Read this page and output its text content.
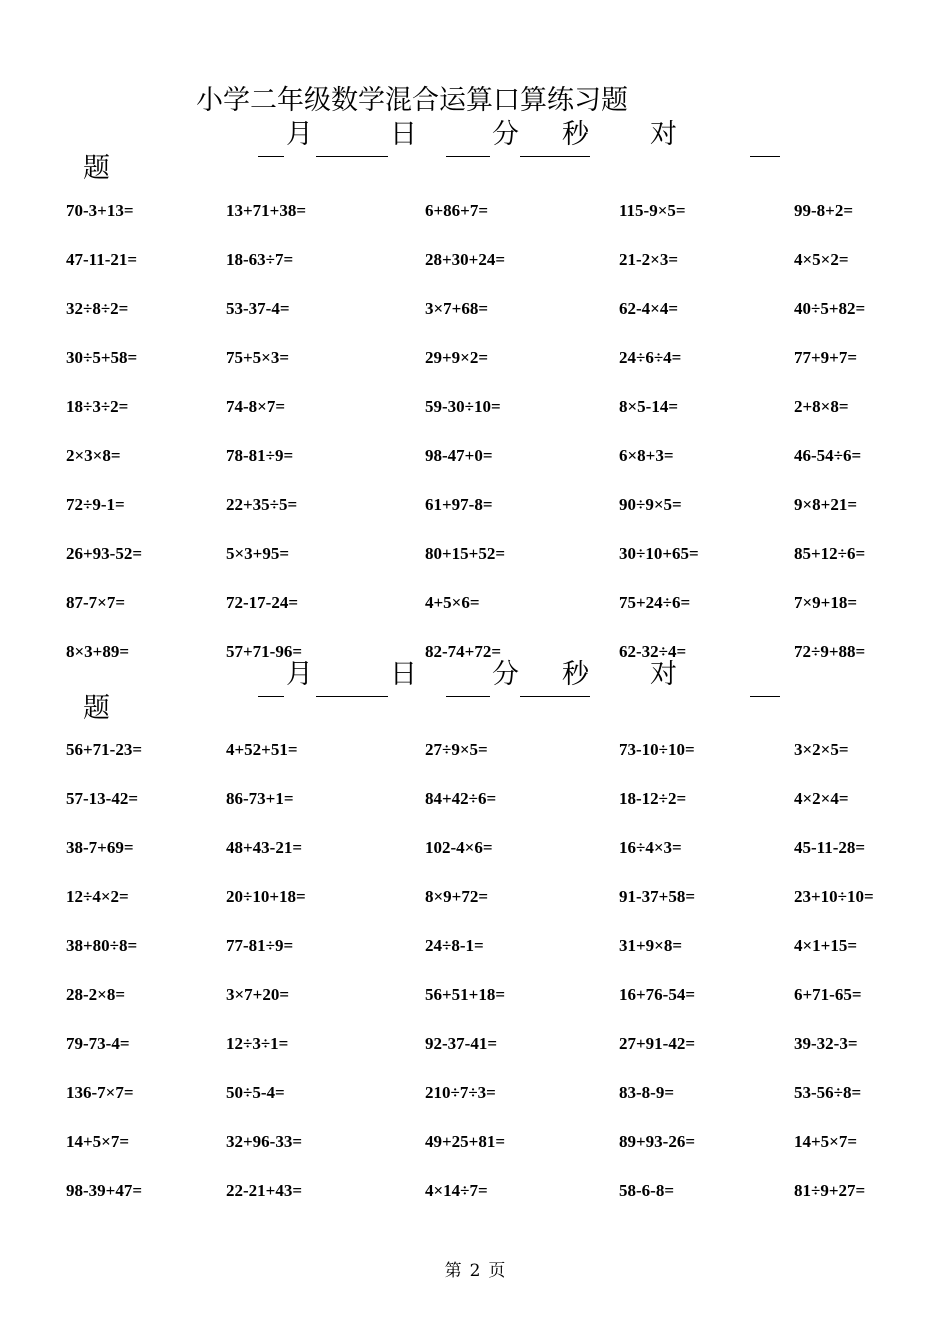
小学二年级数学混合运算口算练习题
月	日	分 秒 对
题
70-3+13=	13+71+38=	6+86+7=	115-9×5=	99-8+2=
47-11-21=	18-63÷7=	28+30+24=	21-2×3=	4×5×2=
32÷8÷2=	53-37-4=	3×7+68=	62-4×4=	40÷5+82=
30÷5+58=	75+5×3=	29+9×2=	24÷6÷4=	77+9+7=
18÷3÷2=	74-8×7=	59-30÷10=	8×5-14=	2+8×8=
2×3×8=	78-81÷9=	98-47+0=	6×8+3=	46-54÷6=
72÷9-1=	22+35÷5=	61+97-8=	90÷9×5=	9×8+21=
26+93-52=	5×3+95=	80+15+52=	30÷10+65=	85+12÷6=
87-7×7=	72-17-24=	4+5×6=	75+24÷6=	7×9+18=
8×3+89=	57+71-96=	82-74+72=	62-32÷4=	72÷9+88=
月	日	分 秒 对
题
56+71-23=	4+52+51=	27÷9×5=	73-10÷10=	3×2×5=
57-13-42=	86-73+1=	84+42÷6=	18-12÷2=	4×2×4=
38-7+69=	48+43-21=	102-4×6=	16÷4×3=	45-11-28=
12÷4×2=	20÷10+18=	8×9+72=	91-37+58=	23+10÷10=
38+80÷8=	77-81÷9=	24÷8-1=	31+9×8=	4×1+15=
28-2×8=	3×7+20=	56+51+18=	16+76-54=	6+71-65=
79-73-4=	12÷3÷1=	92-37-41=	27+91-42=	39-32-3=
136-7×7=	50÷5-4=	210÷7÷3=	83-8-9=	53-56÷8=
14+5×7=	32+96-33=	49+25+81=	89+93-26=	14+5×7=
98-39+47=	22-21+43=	4×14÷7=	58-6-8=	81÷9+27=
第 2 页
